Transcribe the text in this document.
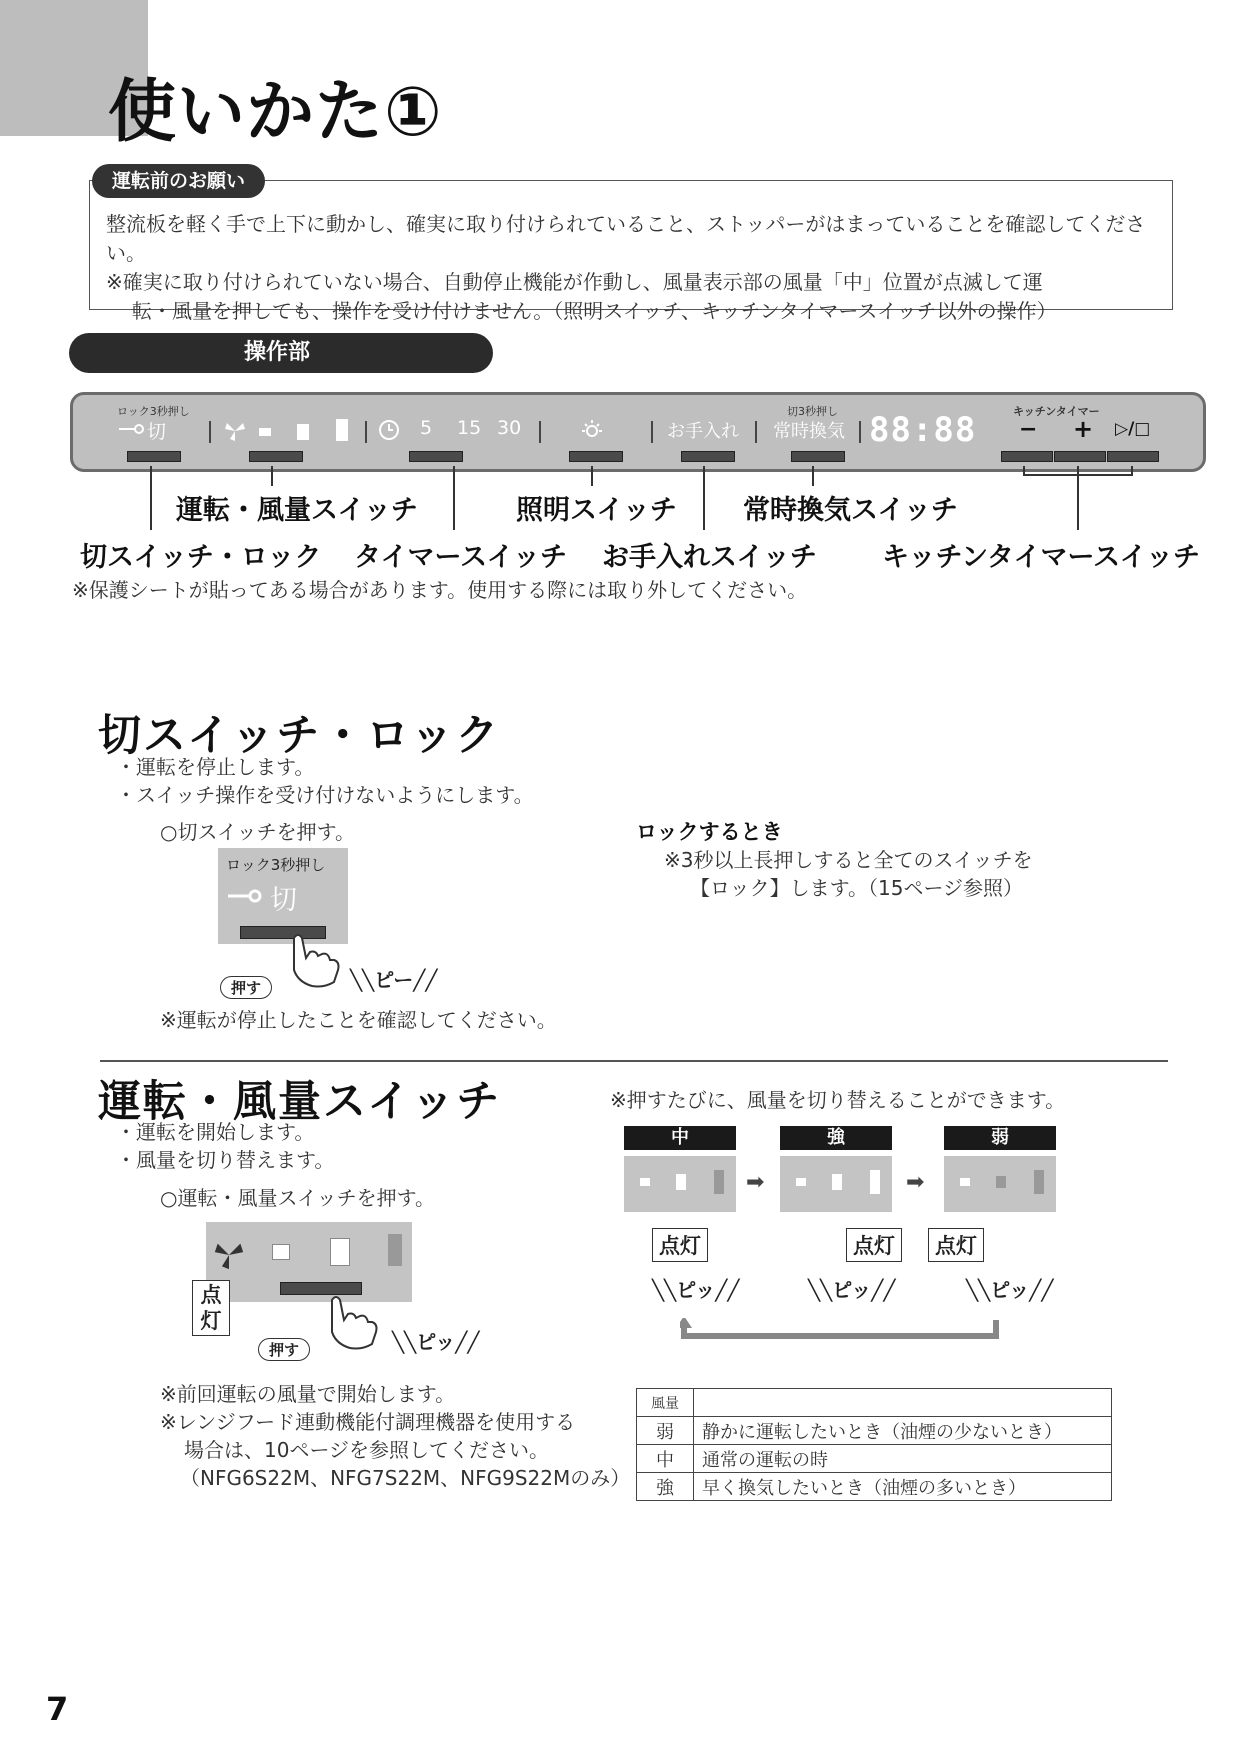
使いかた①
運転前のお願い

整流板を軽く手で上下に動かし、確実に取り付けられていること、ストッパーがはまっていることを確認してください。

※確実に取り付けられていない場合、自動停止機能が作動し、風量表示部の風量「中」位置が点滅して運

転・風量を押しても、操作を受け付けません。（照明スイッチ、キッチンタイマースイッチ以外の操作）

操作部
ロック3秒押し
切	5 15 30	お手入れ
切3秒押し
常時換気 88:88	キッチンタイマー
− + ▷/□
運転・風量スイッチ	照明スイッチ 常時換気スイッチ
切スイッチ・ロック タイマースイッチ お手入れスイッチ キッチンタイマースイッチ
※保護シートが貼ってある場合があります。使用する際には取り外してください。
切スイッチ・ロック
・運転を停止します。
・スイッチ操作を受け付けないようにします。
○切スイッチを押す。
ロック3秒押し
切
押す	╲╲ピー╱╱
※運転が停止したことを確認してください。
ロックするとき
※3秒以上長押しすると全てのスイッチを
【ロック】します。（15ページ参照）
運転・風量スイッチ
・運転を開始します。
・風量を切り替えます。
○運転・風量スイッチを押す。
点灯
押す	╲╲ピッ╱╱
※前回運転の風量で開始します。
※レンジフード連動機能付調理機器を使用する
場合は、10ページを参照してください。
（NFG6S22M、NFG7S22M、NFG9S22Mのみ）
※押すたびに、風量を切り替えることができます。
中	強	弱
➡	➡
点灯	点灯	点灯
╲╲ピッ╱╱	╲╲ピッ╱╱	╲╲ピッ╱╱
風量	
弱	静かに運転したいとき（油煙の少ないとき）
中	通常の運転の時
強	早く換気したいとき（油煙の多いとき）
7
